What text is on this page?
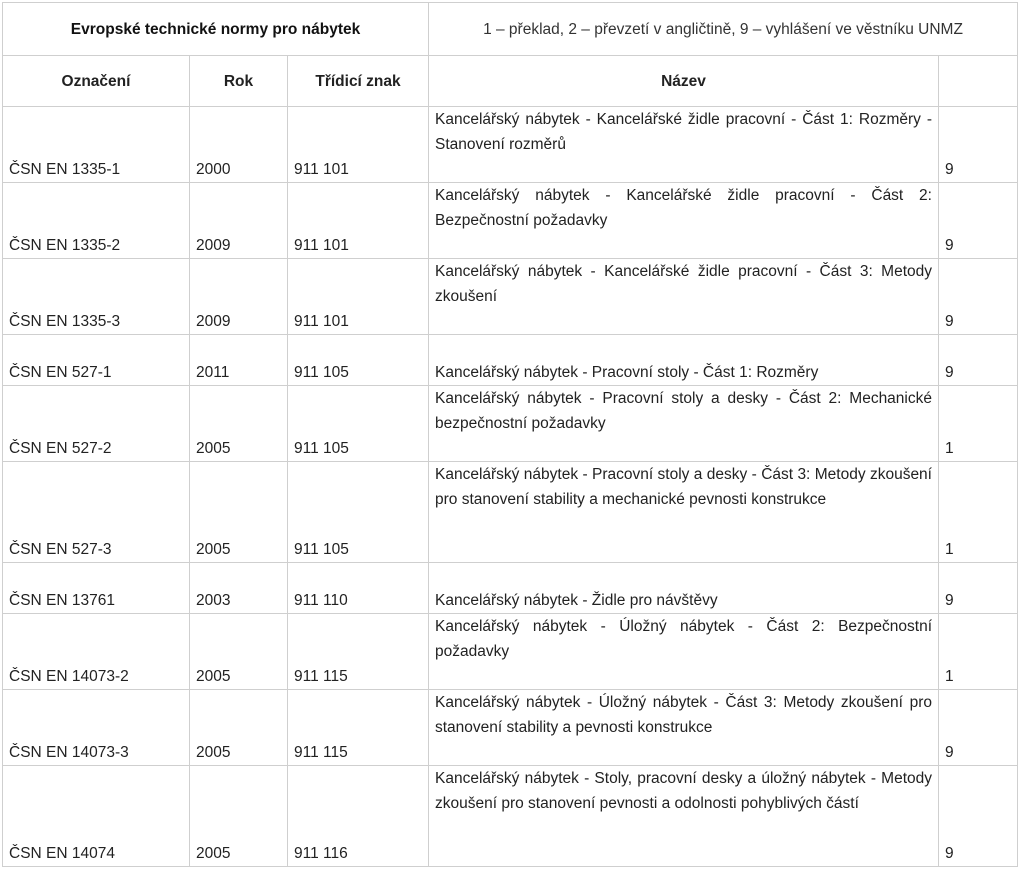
Evropské technické normy pro nábytek			1 – překlad, 2 – převzetí v angličtině, 9 – vyhlášení ve věstníku UNMZ	
Označení	Rok	Třídicí znak	Název	
ČSN EN 1335-1	2000	911 101	Kancelářský nábytek - Kancelářské židle pracovní - Část 1: Rozměry - Stanovení rozměrů	9
ČSN EN 1335-2	2009	911 101	Kancelářský nábytek - Kancelářské židle pracovní - Část 2: Bezpečnostní požadavky	9
ČSN EN 1335-3	2009	911 101	Kancelářský nábytek - Kancelářské židle pracovní - Část 3: Metody zkoušení	9
ČSN EN 527-1	2011	911 105	Kancelářský nábytek - Pracovní stoly - Část 1: Rozměry	9
ČSN EN 527-2	2005	911 105	Kancelářský nábytek - Pracovní stoly a desky - Část 2: Mechanické bezpečnostní požadavky	1
ČSN EN 527-3	2005	911 105	Kancelářský nábytek - Pracovní stoly a desky - Část 3: Metody zkoušení pro stanovení stability a mechanické pevnosti konstrukce	1
ČSN EN 13761	2003	911 110	Kancelářský nábytek - Židle pro návštěvy	9
ČSN EN 14073-2	2005	911 115	Kancelářský nábytek - Úložný nábytek - Část 2: Bezpečnostní požadavky	1
ČSN EN 14073-3	2005	911 115	Kancelářský nábytek - Úložný nábytek - Část 3: Metody zkoušení pro stanovení stability a pevnosti konstrukce	9
ČSN EN 14074	2005	911 116	Kancelářský nábytek - Stoly, pracovní desky a úložný nábytek - Metody zkoušení pro stanovení pevnosti a odolnosti pohyblivých částí	9
